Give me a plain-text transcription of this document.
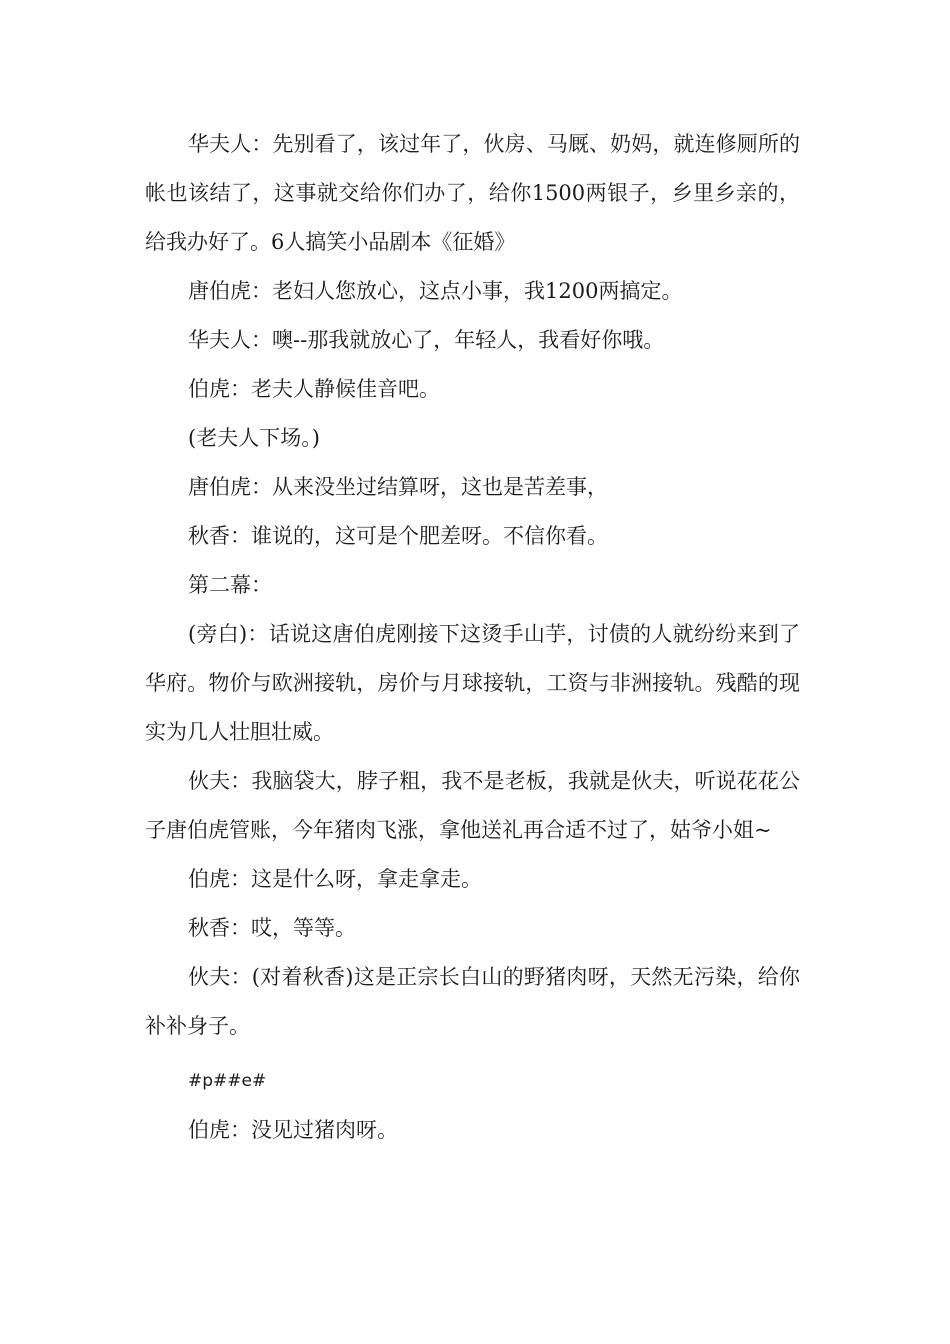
华夫人：先别看了，该过年了，伙房、马厩、奶妈，就连修厕所的帐也该结了，这事就交给你们办了，给你1500两银子，乡里乡亲的，给我办好了。6人搞笑小品剧本《征婚》

唐伯虎：老妇人您放心，这点小事，我1200两搞定。

华夫人：噢--那我就放心了，年轻人，我看好你哦。

伯虎：老夫人静候佳音吧。

(老夫人下场。)

唐伯虎：从来没坐过结算呀，这也是苦差事，

秋香：谁说的，这可是个肥差呀。不信你看。

第二幕：

(旁白)：话说这唐伯虎刚接下这烫手山芋，讨债的人就纷纷来到了华府。物价与欧洲接轨，房价与月球接轨，工资与非洲接轨。残酷的现实为几人壮胆壮威。

伙夫：我脑袋大，脖子粗，我不是老板，我就是伙夫，听说花花公子唐伯虎管账，今年猪肉飞涨，拿他送礼再合适不过了，姑爷小姐~

伯虎：这是什么呀，拿走拿走。

秋香：哎，等等。

伙夫：(对着秋香)这是正宗长白山的野猪肉呀，天然无污染，给你补补身子。

#p##e#

伯虎：没见过猪肉呀。
